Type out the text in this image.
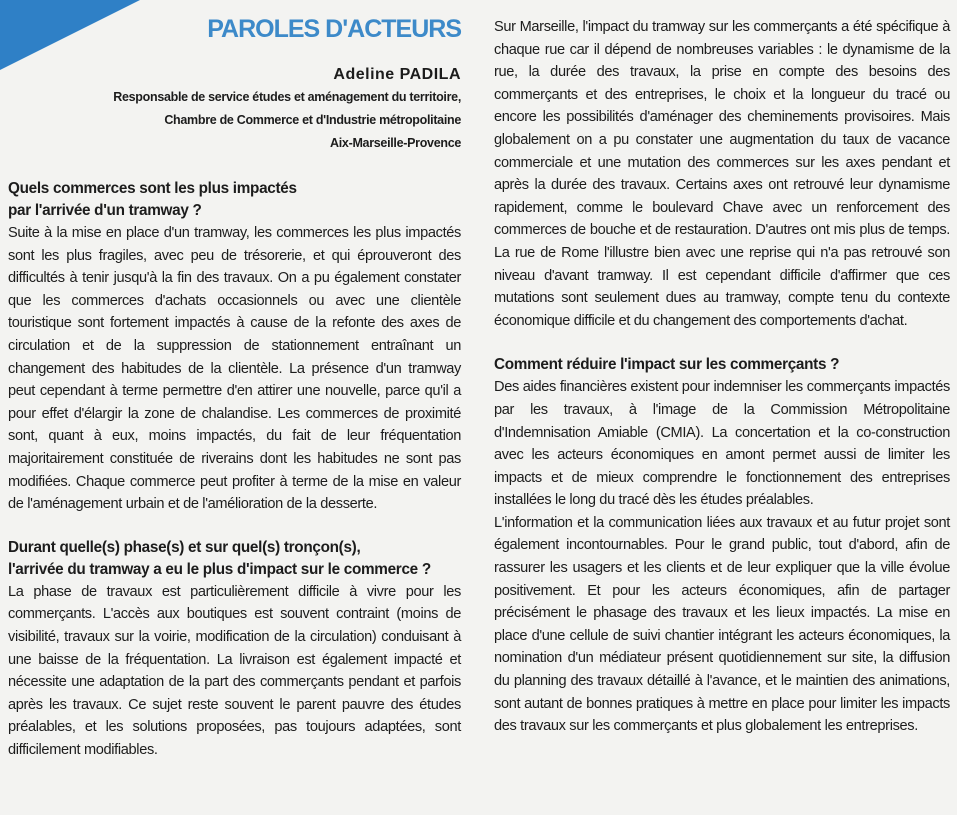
PAROLES D'ACTEURS
Adeline PADILA
Responsable de service études et aménagement du territoire,
Chambre de Commerce et d'Industrie métropolitaine
Aix-Marseille-Provence
Quels commerces sont les plus impactés
par l'arrivée d'un tramway ?

Suite à la mise en place d'un tramway, les commerces les plus impactés sont les plus fragiles, avec peu de trésorerie, et qui éprouveront des difficultés à tenir jusqu'à la fin des travaux. On a pu également constater que les commerces d'achats occasionnels ou avec une clientèle touristique sont fortement impactés à cause de la refonte des axes de circulation et de la suppression de stationnement entraînant un changement des habitudes de la clientèle. La présence d'un tramway peut cependant à terme permettre d'en attirer une nouvelle, parce qu'il a pour effet d'élargir la zone de chalandise. Les commerces de proximité sont, quant à eux, moins impactés, du fait de leur fréquentation majoritairement constituée de riverains dont les habitudes ne sont pas modifiées. Chaque commerce peut profiter à terme de la mise en valeur de l'aménagement urbain et de l'amélioration de la desserte.

Durant quelle(s) phase(s) et sur quel(s) tronçon(s),
l'arrivée du tramway a eu le plus d'impact sur le commerce ?

La phase de travaux est particulièrement difficile à vivre pour les commerçants. L'accès aux boutiques est souvent contraint (moins de visibilité, travaux sur la voirie, modification de la circulation) conduisant à une baisse de la fréquentation. La livraison est également impacté et nécessite une adaptation de la part des commerçants pendant et parfois après les travaux. Ce sujet reste souvent le parent pauvre des études préalables, et les solutions proposées, pas toujours adaptées, sont difficilement modifiables.

Sur Marseille, l'impact du tramway sur les commerçants a été spécifique à chaque rue car il dépend de nombreuses variables : le dynamisme de la rue, la durée des travaux, la prise en compte des besoins des commerçants et des entreprises, le choix et la longueur du tracé ou encore les possibilités d'aménager des cheminements provisoires. Mais globalement on a pu constater une augmentation du taux de vacance commerciale et une mutation des commerces sur les axes pendant et après la durée des travaux. Certains axes ont retrouvé leur dynamisme rapidement, comme le boulevard Chave avec un renforcement des commerces de bouche et de restauration. D'autres ont mis plus de temps. La rue de Rome l'illustre bien avec une reprise qui n'a pas retrouvé son niveau d'avant tramway. Il est cependant difficile d'affirmer que ces mutations sont seulement dues au tramway, compte tenu du contexte économique difficile et du changement des comportements d'achat.

Comment réduire l'impact sur les commerçants ?

Des aides financières existent pour indemniser les commerçants impactés par les travaux, à l'image de la Commission Métropolitaine d'Indemnisation Amiable (CMIA). La concertation et la co-construction avec les acteurs économiques en amont permet aussi de limiter les impacts et de mieux comprendre le fonctionnement des entreprises installées le long du tracé dès les études préalables.

L'information et la communication liées aux travaux et au futur projet sont également incontournables. Pour le grand public, tout d'abord, afin de rassurer les usagers et les clients et de leur expliquer que la ville évolue positivement. Et pour les acteurs économiques, afin de partager précisément le phasage des travaux et les lieux impactés. La mise en place d'une cellule de suivi chantier intégrant les acteurs économiques, la nomination d'un médiateur présent quotidiennement sur site, la diffusion du planning des travaux détaillé à l'avance, et le maintien des animations, sont autant de bonnes pratiques à mettre en place pour limiter les impacts des travaux sur les commerçants et plus globalement les entreprises.
